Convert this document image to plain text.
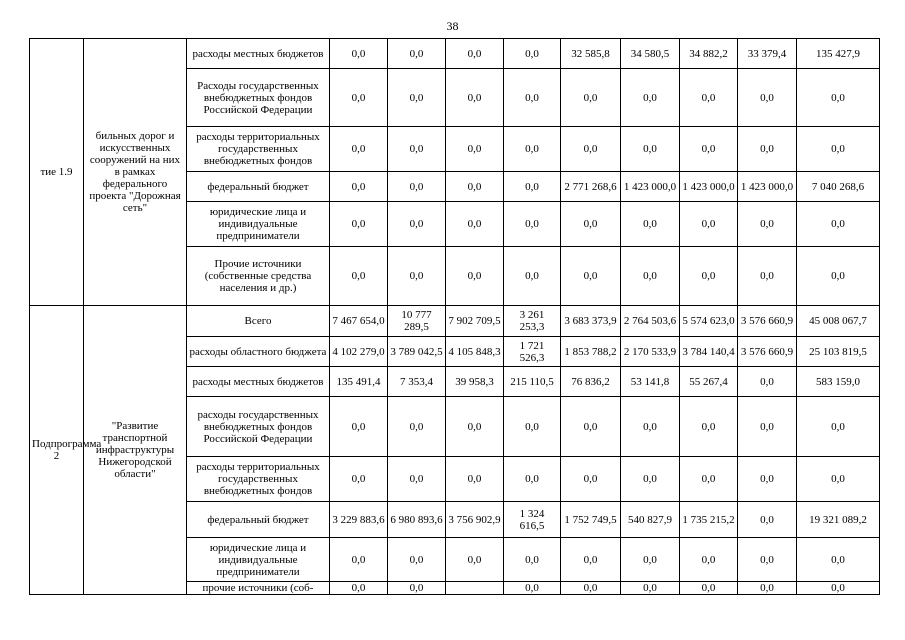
38
тие 1.9	бильных дорог и искусственных сооружений на них в рамках федерального проекта "Дорожная сеть"	расходы местных бюджетов	0,0	0,0	0,0	0,0	32 585,8	34 580,5	34 882,2	33 379,4	135 427,9
		Расходы государственных внебюджетных фондов Российской Федерации	0,0	0,0	0,0	0,0	0,0	0,0	0,0	0,0	0,0
		расходы территориальных государственных внебюджетных фондов	0,0	0,0	0,0	0,0	0,0	0,0	0,0	0,0	0,0
		федеральный бюджет	0,0	0,0	0,0	0,0	2 771 268,6	1 423 000,0	1 423 000,0	1 423 000,0	7 040 268,6
		юридические лица и индивидуальные предприниматели	0,0	0,0	0,0	0,0	0,0	0,0	0,0	0,0	0,0
		Прочие источники (собственные средства населения и др.)	0,0	0,0	0,0	0,0	0,0	0,0	0,0	0,0	0,0
Подпрограмма 2	"Развитие транспортной инфраструктуры Нижегородской области"	Всего	7 467 654,0	10 777 289,5	7 902 709,5	3 261 253,3	3 683 373,9	2 764 503,6	5 574 623,0	3 576 660,9	45 008 067,7
		расходы областного бюджета	4 102 279,0	3 789 042,5	4 105 848,3	1 721 526,3	1 853 788,2	2 170 533,9	3 784 140,4	3 576 660,9	25 103 819,5
		расходы местных бюджетов	135 491,4	7 353,4	39 958,3	215 110,5	76 836,2	53 141,8	55 267,4	0,0	583 159,0
		расходы государственных внебюджетных фондов Российской Федерации	0,0	0,0	0,0	0,0	0,0	0,0	0,0	0,0	0,0
		расходы территориальных государственных внебюджетных фондов	0,0	0,0	0,0	0,0	0,0	0,0	0,0	0,0	0,0
		федеральный бюджет	3 229 883,6	6 980 893,6	3 756 902,9	1 324 616,5	1 752 749,5	540 827,9	1 735 215,2	0,0	19 321 089,2
		юридические лица и индивидуальные предприниматели	0,0	0,0	0,0	0,0	0,0	0,0	0,0	0,0	0,0
		прочие источники (соб-	0,0	0,0		0,0	0,0	0,0	0,0	0,0	0,0
